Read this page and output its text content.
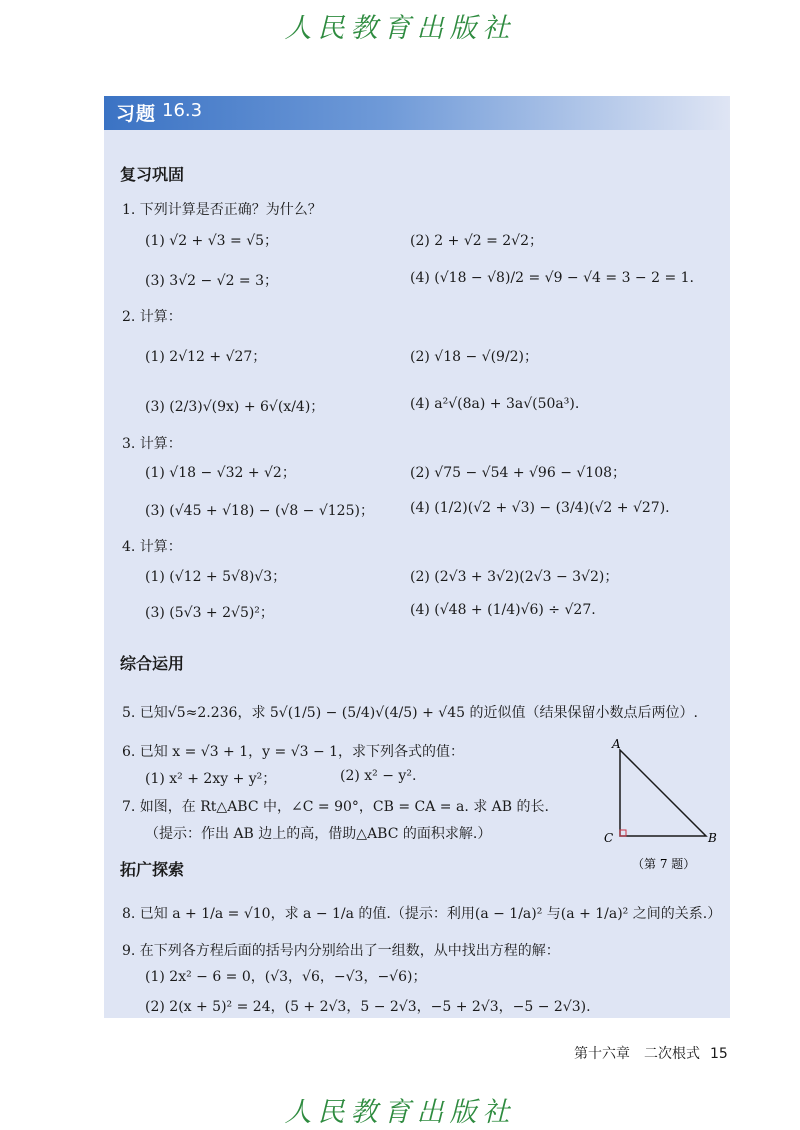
人民教育出版社
习题 16.3
复习巩固
1. 下列计算是否正确？为什么？
(1) √2 + √3 = √5；	(2) 2 + √2 = 2√2；
(3) 3√2 − √2 = 3；	(4) (√18 − √8)/2 = √9 − √4 = 3 − 2 = 1.
2. 计算：
(1) 2√12 + √27；	(2) √18 − √(9/2)；
(3) (2/3)√(9x) + 6√(x/4)；	(4) a²√(8a) + 3a√(50a³).
3. 计算：
(1) √18 − √32 + √2；	(2) √75 − √54 + √96 − √108；
(3) (√45 + √18) − (√8 − √125)；	(4) (1/2)(√2 + √3) − (3/4)(√2 + √27).
4. 计算：
(1) (√12 + 5√8)√3；	(2) (2√3 + 3√2)(2√3 − 3√2)；
(3) (5√3 + 2√5)²；	(4) (√48 + (1/4)√6) ÷ √27.
综合运用
5. 已知√5≈2.236，求 5√(1/5) − (5/4)√(4/5) + √45 的近似值（结果保留小数点后两位）.
6. 已知 x = √3 + 1，y = √3 − 1，求下列各式的值：
(1) x² + 2xy + y²；	(2) x² − y².
7. 如图，在 Rt△ABC 中，∠C = 90°，CB = CA = a. 求 AB 的长.
（提示：作出 AB 边上的高，借助△ABC 的面积求解.）
A
C	B
（第 7 题）
拓广探索
8. 已知 a + 1/a = √10，求 a − 1/a 的值.（提示：利用(a − 1/a)² 与(a + 1/a)² 之间的关系.）
9. 在下列各方程后面的括号内分别给出了一组数，从中找出方程的解：
(1) 2x² − 6 = 0，(√3，√6，−√3，−√6)；
(2) 2(x + 5)² = 24，(5 + 2√3，5 − 2√3，−5 + 2√3，−5 − 2√3).
第十六章　二次根式 15
人民教育出版社
